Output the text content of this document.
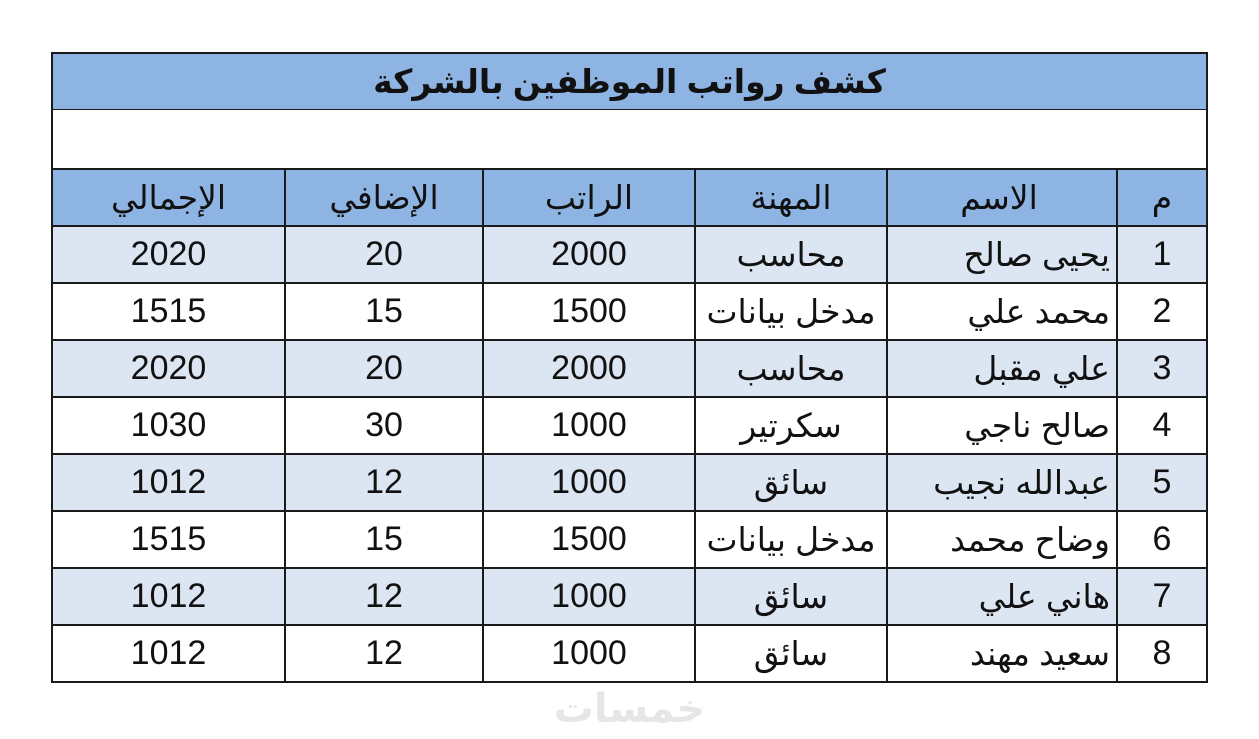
كشف رواتب الموظفين بالشركة
م	الاسم	المهنة	الراتب	الإضافي	الإجمالي
1	يحيى صالح	محاسب	2000	20	2020
2	محمد علي	مدخل بيانات	1500	15	1515
3	علي مقبل	محاسب	2000	20	2020
4	صالح ناجي	سكرتير	1000	30	1030
5	عبدالله نجيب	سائق	1000	12	1012
6	وضاح محمد	مدخل بيانات	1500	15	1515
7	هاني علي	سائق	1000	12	1012
8	سعيد مهند	سائق	1000	12	1012
خمسات
